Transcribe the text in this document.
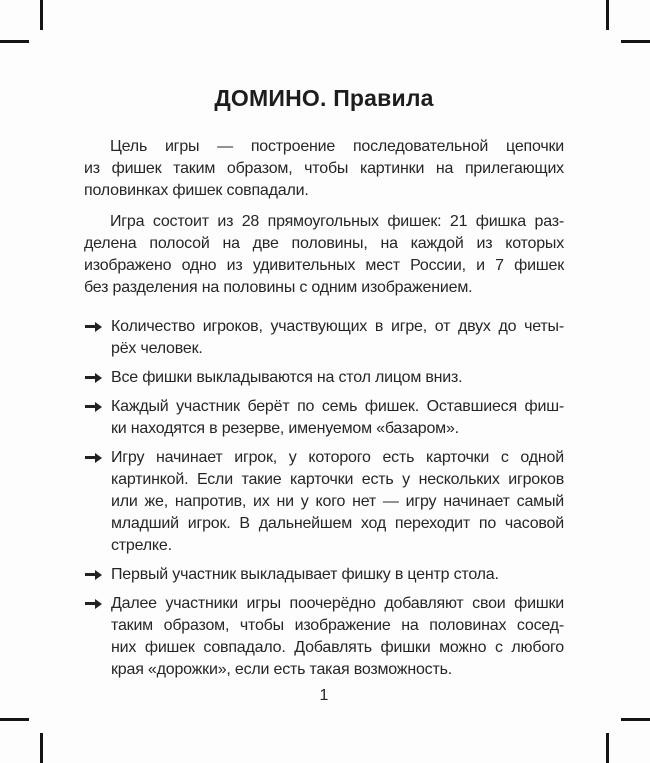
ДОМИНО. Правила
Цель игры — построение последовательной цепочки
из фишек таким образом, чтобы картинки на прилегающих
половинках фишек совпадали.
Игра состоит из 28 прямоугольных фишек: 21 фишка раз-
делена полосой на две половины, на каждой из которых
изображено одно из удивительных мест России, и 7 фишек
без разделения на половины с одним изображением.
Количество игроков, участвующих в игре, от двух до четы-
рёх человек.
Все фишки выкладываются на стол лицом вниз.
Каждый участник берёт по семь фишек. Оставшиеся фиш-
ки находятся в резерве, именуемом «базаром».
Игру начинает игрок, у которого есть карточки с одной
картинкой. Если такие карточки есть у нескольких игроков
или же, напротив, их ни у кого нет — игру начинает самый
младший игрок. В дальнейшем ход переходит по часовой
стрелке.
Первый участник выкладывает фишку в центр стола.
Далее участники игры поочерёдно добавляют свои фишки
таким образом, чтобы изображение на половинах сосед-
них фишек совпадало. Добавлять фишки можно с любого
края «дорожки», если есть такая возможность.
1
